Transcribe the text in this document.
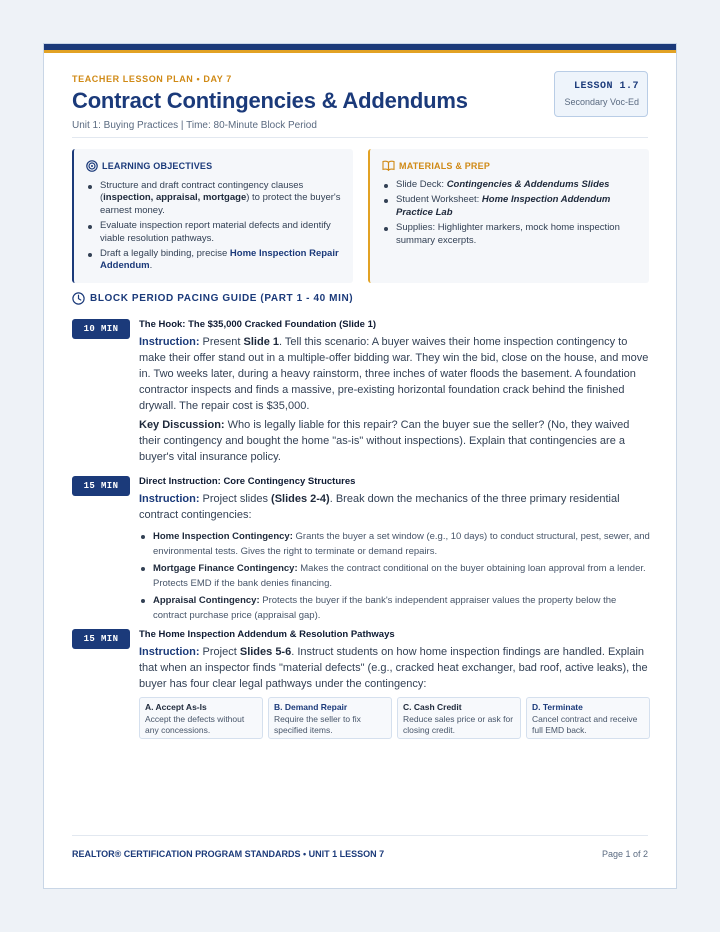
TEACHER LESSON PLAN • DAY 7
Contract Contingencies & Addendums
Unit 1: Buying Practices | Time: 80-Minute Block Period
LESSON 1.7
Secondary Voc-Ed
LEARNING OBJECTIVES
Structure and draft contract contingency clauses (inspection, appraisal, mortgage) to protect the buyer's earnest money.
Evaluate inspection report material defects and identify viable resolution pathways.
Draft a legally binding, precise Home Inspection Repair Addendum.
MATERIALS & PREP
Slide Deck: Contingencies & Addendums Slides
Student Worksheet: Home Inspection Addendum Practice Lab
Supplies: Highlighter markers, mock home inspection summary excerpts.
BLOCK PERIOD PACING GUIDE (PART 1 - 40 MIN)
10 MIN	The Hook: The $35,000 Cracked Foundation (Slide 1)
Instruction: Present Slide 1. Tell this scenario: A buyer waives their home inspection contingency to make their offer stand out in a multiple-offer bidding war. They win the bid, close on the house, and move in. Two weeks later, during a heavy rainstorm, three inches of water floods the basement. A foundation contractor inspects and finds a massive, pre-existing horizontal foundation crack behind the finished drywall. The repair cost is $35,000.
Key Discussion: Who is legally liable for this repair? Can the buyer sue the seller? (No, they waived their contingency and bought the home "as-is" without inspections). Explain that contingencies are a buyer's vital insurance policy.
15 MIN	Direct Instruction: Core Contingency Structures
Instruction: Project slides (Slides 2-4). Break down the mechanics of the three primary residential contract contingencies:
Home Inspection Contingency: Grants the buyer a set window (e.g., 10 days) to conduct structural, pest, sewer, and environmental tests. Gives the right to terminate or demand repairs.
Mortgage Finance Contingency: Makes the contract conditional on the buyer obtaining loan approval from a lender. Protects EMD if the bank denies financing.
Appraisal Contingency: Protects the buyer if the bank's independent appraiser values the property below the contract purchase price (appraisal gap).
15 MIN	The Home Inspection Addendum & Resolution Pathways
Instruction: Project Slides 5-6. Instruct students on how home inspection findings are handled. Explain that when an inspector finds "material defects" (e.g., cracked heat exchanger, bad roof, active leaks), the buyer has four clear legal pathways under the contingency:
A. Accept As-Is
Accept the defects without any concessions.
B. Demand Repair
Require the seller to fix specified items.
C. Cash Credit
Reduce sales price or ask for closing credit.
D. Terminate
Cancel contract and receive full EMD back.
REALTOR® CERTIFICATION PROGRAM STANDARDS • UNIT 1 LESSON 7	Page 1 of 2
